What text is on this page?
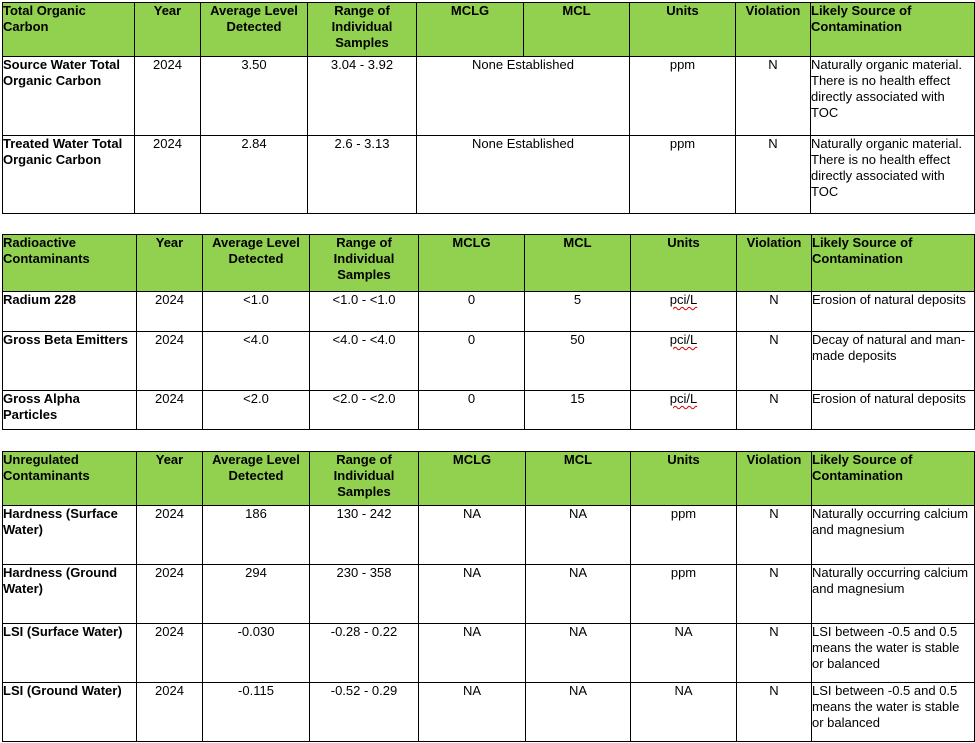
Total Organic Carbon	Year	Average Level Detected	Range of Individual Samples	MCLG	MCL	Units	Violation	Likely Source of Contamination
Source Water Total Organic Carbon	2024	3.50	3.04 - 3.92	None Established		ppm	N	Naturally organic material. There is no health effect directly associated with TOC
Treated Water Total Organic Carbon	2024	2.84	2.6 - 3.13	None Established		ppm	N	Naturally organic material. There is no health effect directly associated with TOC
Radioactive Contaminants	Year	Average Level Detected	Range of Individual Samples	MCLG	MCL	Units	Violation	Likely Source of Contamination
Radium 228	2024	<1.0	<1.0 - <1.0	0	5	pci/L	N	Erosion of natural deposits
Gross Beta Emitters	2024	<4.0	<4.0 - <4.0	0	50	pci/L	N	Decay of natural and man-made deposits
Gross Alpha Particles	2024	<2.0	<2.0 - <2.0	0	15	pci/L	N	Erosion of natural deposits
Unregulated Contaminants	Year	Average Level Detected	Range of Individual Samples	MCLG	MCL	Units	Violation	Likely Source of Contamination
Hardness (Surface Water)	2024	186	130 - 242	NA	NA	ppm	N	Naturally occurring calcium and magnesium
Hardness (Ground Water)	2024	294	230 - 358	NA	NA	ppm	N	Naturally occurring calcium and magnesium
LSI (Surface Water)	2024	-0.030	-0.28 - 0.22	NA	NA	NA	N	LSI between -0.5 and 0.5 means the water is stable or balanced
LSI (Ground Water)	2024	-0.115	-0.52 - 0.29	NA	NA	NA	N	LSI between -0.5 and 0.5 means the water is stable or balanced
